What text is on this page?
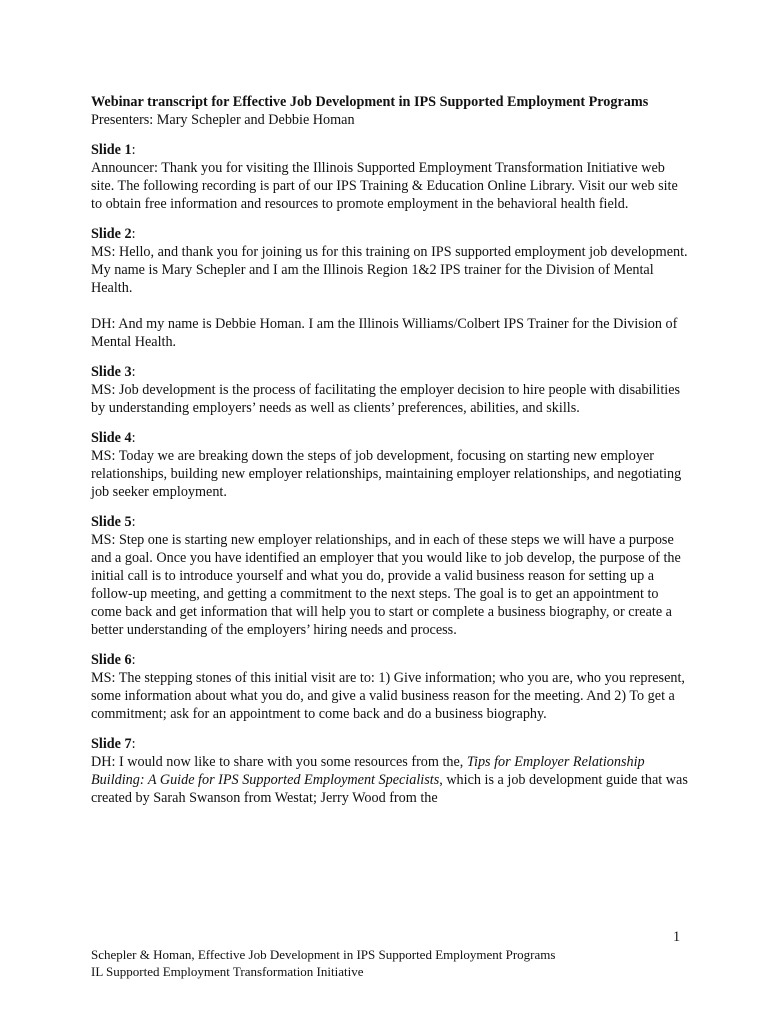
Webinar transcript for Effective Job Development in IPS Supported Employment Programs
Presenters: Mary Schepler and Debbie Homan
Slide 1:
Announcer: Thank you for visiting the Illinois Supported Employment Transformation Initiative web site. The following recording is part of our IPS Training & Education Online Library. Visit our web site to obtain free information and resources to promote employment in the behavioral health field.
Slide 2:
MS: Hello, and thank you for joining us for this training on IPS supported employment job development. My name is Mary Schepler and I am the Illinois Region 1&2 IPS trainer for the Division of Mental Health.
DH: And my name is Debbie Homan. I am the Illinois Williams/Colbert IPS Trainer for the Division of Mental Health.
Slide 3:
MS: Job development is the process of facilitating the employer decision to hire people with disabilities by understanding employers’ needs as well as clients’ preferences, abilities, and skills.
Slide 4:
MS: Today we are breaking down the steps of job development, focusing on starting new employer relationships, building new employer relationships, maintaining employer relationships, and negotiating job seeker employment.
Slide 5:
MS: Step one is starting new employer relationships, and in each of these steps we will have a purpose and a goal. Once you have identified an employer that you would like to job develop, the purpose of the initial call is to introduce yourself and what you do, provide a valid business reason for setting up a follow-up meeting, and getting a commitment to the next steps. The goal is to get an appointment to come back and get information that will help you to start or complete a business biography, or create a better understanding of the employers’ hiring needs and process.
Slide 6:
MS: The stepping stones of this initial visit are to: 1) Give information; who you are, who you represent, some information about what you do, and give a valid business reason for the meeting. And 2) To get a commitment; ask for an appointment to come back and do a business biography.
Slide 7:
DH: I would now like to share with you some resources from the, Tips for Employer Relationship Building: A Guide for IPS Supported Employment Specialists, which is a job development guide that was created by Sarah Swanson from Westat; Jerry Wood from the
1
Schepler & Homan, Effective Job Development in IPS Supported Employment Programs
IL Supported Employment Transformation Initiative
